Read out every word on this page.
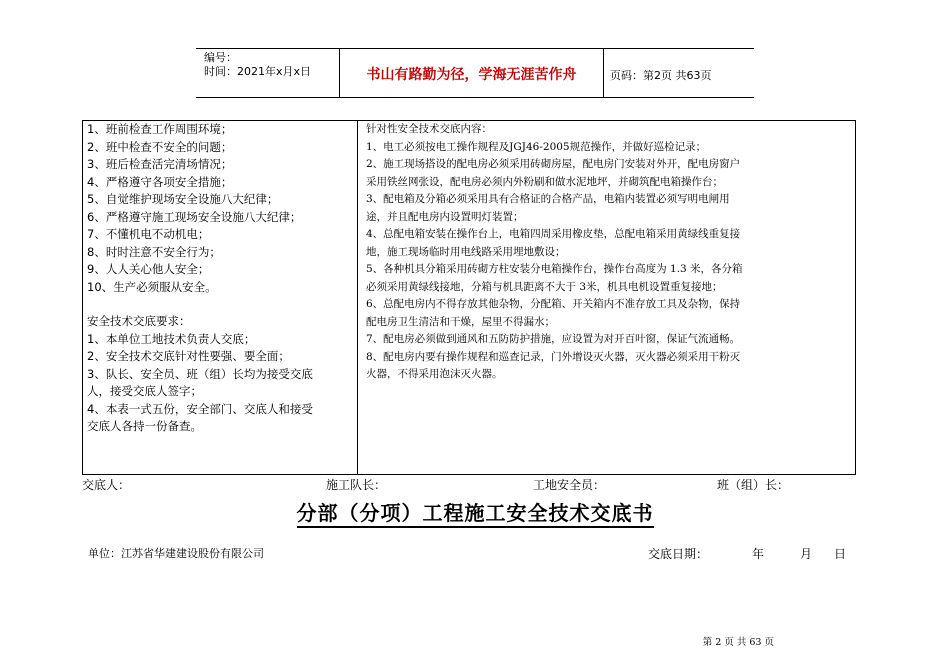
编号：
时间：2021年x月x日	书山有路勤为径，学海无涯苦作舟	页码：第2页 共63页
1、班前检查工作周围环境；
2、班中检查不安全的问题；
3、班后检查活完清场情况；
4、严格遵守各项安全措施；
5、自觉维护现场安全设施八大纪律；
6、严格遵守施工现场安全设施八大纪律；
7、不懂机电不动机电；
8、时时注意不安全行为；
9、人人关心他人安全；
10、生产必须服从安全。
安全技术交底要求：
1、本单位工地技术负责人交底；
2、安全技术交底针对性要强、要全面；
3、队长、安全员、班（组）长均为接受交底
人，接受交底人签字；
4、本表一式五份，安全部门、交底人和接受
交底人各持一份备查。
针对性安全技术交底内容：
1、电工必须按电工操作规程及JGJ46-2005规范操作，并做好巡检记录；
2、施工现场搭设的配电房必须采用砖砌房屋，配电房门安装对外开，配电房窗户
采用铁丝网张设，配电房必须内外粉刷和做水泥地坪，并砌筑配电箱操作台；
3、配电箱及分箱必须采用具有合格证的合格产品，电箱内装置必须写明电闸用
途，并且配电房内设置明灯装置；
4、总配电箱安装在操作台上，电箱四周采用橡皮垫，总配电箱采用黄绿线重复接
地，施工现场临时用电线路采用埋地敷设；
5、各种机具分箱采用砖砌方柱安装分电箱操作台，操作台高度为 1.3 米，各分箱
必须采用黄绿线接地，分箱与机具距离不大于 3米，机具电机设置重复接地；
6、总配电房内不得存放其他杂物，分配箱、开关箱内不准存放工具及杂物，保持
配电房卫生清洁和干燥，屋里不得漏水；
7、配电房必须做到通风和五防防护措施，应设置为对开百叶窗，保证气流通畅。
8、配电房内要有操作规程和巡查记录，门外增设灭火器，灭火器必须采用干粉灭
火器，不得采用泡沫灭火器。
交底人：	施工队长：	工地安全员：	班（组）长：
分部（分项）工程施工安全技术交底书
单位：江苏省华建建设股份有限公司	交底日期：	年	月 日
第 2 页 共 63 页
